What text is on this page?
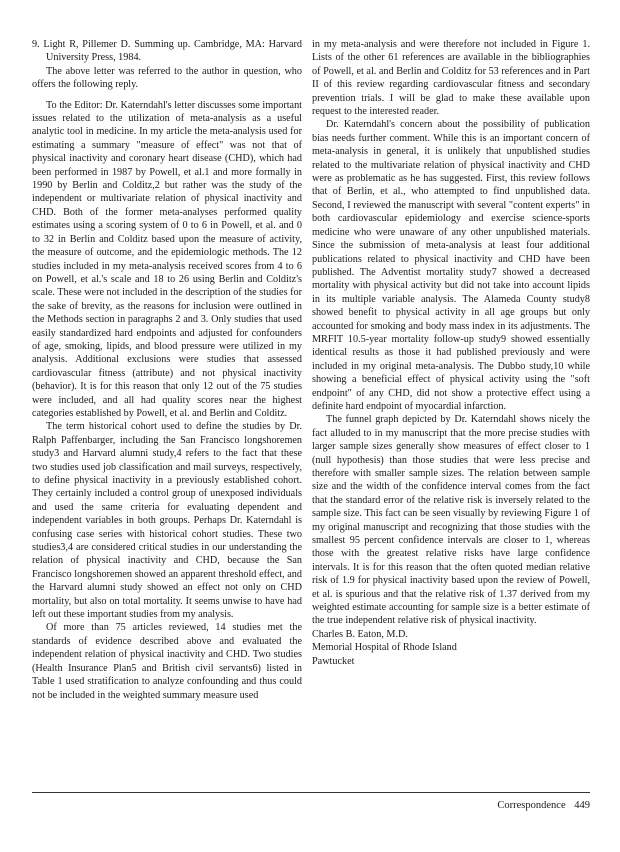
9. Light R, Pillemer D. Summing up. Cambridge, MA: Harvard University Press, 1984.

The above letter was referred to the author in question, who offers the following reply.

To the Editor: Dr. Katerndahl's letter discusses some important issues related to the utilization of meta-analysis as a useful analytic tool in medicine. In my article the meta-analysis used for estimating a summary "measure of effect" was not that of physical inactivity and coronary heart disease (CHD), which had been performed in 1987 by Powell, et al.1 and more formally in 1990 by Berlin and Colditz,2 but rather was the study of the independent or multivariate relation of physical inactivity and CHD. Both of the former meta-analyses performed quality estimates using a scoring system of 0 to 6 in Powell, et al. and 0 to 32 in Berlin and Colditz based upon the measure of activity, the measure of outcome, and the epidemiologic methods. The 12 studies included in my meta-analysis received scores from 4 to 6 on Powell, et al.'s scale and 18 to 26 using Berlin and Colditz's scale. These were not included in the description of the studies for the sake of brevity, as the reasons for inclusion were outlined in the Methods section in paragraphs 2 and 3. Only studies that used easily standardized hard endpoints and adjusted for confounders of age, smoking, lipids, and blood pressure were utilized in my analysis. Additional exclusions were studies that assessed cardiovascular fitness (attribute) and not physical inactivity (behavior). It is for this reason that only 12 out of the 75 studies were included, and all had quality scores near the highest categories established by Powell, et al. and Berlin and Colditz.

The term historical cohort used to define the studies by Dr. Ralph Paffenbarger, including the San Francisco longshoremen study3 and Harvard alumni study,4 refers to the fact that these two studies used job classification and mail surveys, respectively, to define physical inactivity in a previously established cohort. They certainly included a control group of unexposed individuals and used the same criteria for evaluating dependent and independent variables in both groups. Perhaps Dr. Katerndahl is confusing case series with historical cohort studies. These two studies3,4 are considered critical studies in our understanding the relation of physical inactivity and CHD, because the San Francisco longshoremen showed an apparent threshold effect, and the Harvard alumni study showed an effect not only on CHD mortality, but also on total mortality. It seems unwise to have had left out these important studies from my analysis.

Of more than 75 articles reviewed, 14 studies met the standards of evidence described above and evaluated the independent relation of physical inactivity and CHD. Two studies (Health Insurance Plan5 and British civil servants6) listed in Table 1 used stratification to analyze confounding and thus could not be included in the weighted summary measure used

in my meta-analysis and were therefore not included in Figure 1. Lists of the other 61 references are available in the bibliographies of Powell, et al. and Berlin and Colditz for 53 references and in Part II of this review regarding cardiovascular fitness and secondary prevention trials. I will be glad to make these available upon request to the interested reader.

Dr. Katerndahl's concern about the possibility of publication bias needs further comment. While this is an important concern of meta-analysis in general, it is unlikely that unpublished studies related to the multivariate relation of physical inactivity and CHD were as problematic as he has suggested. First, this review follows that of Berlin, et al., who attempted to find unpublished data. Second, I reviewed the manuscript with several "content experts" in both cardiovascular epidemiology and exercise science-sports medicine who were unaware of any other unpublished materials. Since the submission of meta-analysis at least four additional publications related to physical inactivity and CHD have been published. The Adventist mortality study7 showed a decreased mortality with physical activity but did not take into account lipids in its multiple variable analysis. The Alameda County study8 showed benefit to physical activity in all age groups but only accounted for smoking and body mass index in its adjustments. The MRFIT 10.5-year mortality follow-up study9 showed essentially identical results as those it had published previously and were included in my original meta-analysis. The Dubbo study,10 while showing a beneficial effect of physical activity using the "soft endpoint" of any CHD, did not show a protective effect using a definite hard endpoint of myocardial infarction.

The funnel graph depicted by Dr. Katerndahl shows nicely the fact alluded to in my manuscript that the more precise studies with larger sample sizes generally show measures of effect closer to 1 (null hypothesis) than those studies that were less precise and therefore with smaller sample sizes. The relation between sample size and the width of the confidence interval comes from the fact that the standard error of the relative risk is inversely related to the sample size. This fact can be seen visually by reviewing Figure 1 of my original manuscript and recognizing that those studies with the smallest 95 percent confidence intervals are closer to 1, whereas those with the greatest relative risks have large confidence intervals. It is for this reason that the often quoted median relative risk of 1.9 for physical inactivity based upon the review of Powell, et al. is spurious and that the relative risk of 1.37 derived from my weighted estimate accounting for sample size is a better estimate of the true independent relative risk of physical inactivity.

Charles B. Eaton, M.D.

Memorial Hospital of Rhode Island

Pawtucket

Correspondence 449
